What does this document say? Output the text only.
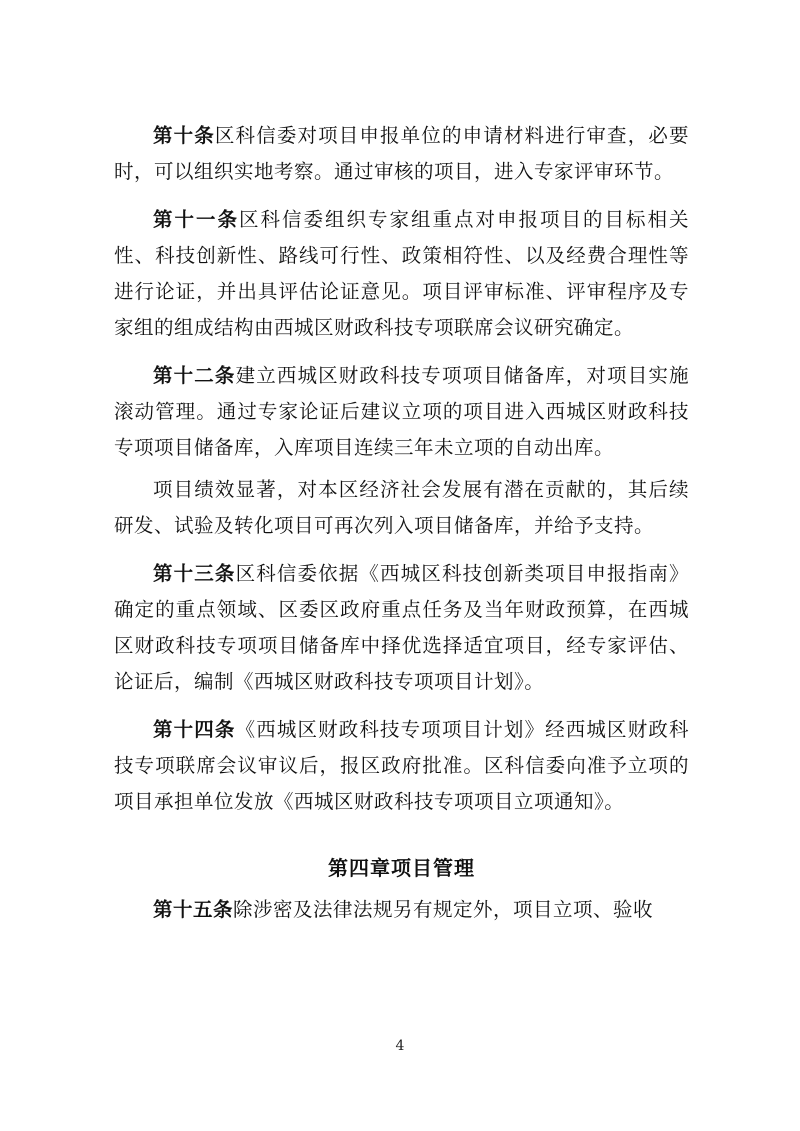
第十条区科信委对项目申报单位的申请材料进行审查，必要时，可以组织实地考察。通过审核的项目，进入专家评审环节。

第十一条区科信委组织专家组重点对申报项目的目标相关性、科技创新性、路线可行性、政策相符性、以及经费合理性等进行论证，并出具评估论证意见。项目评审标准、评审程序及专家组的组成结构由西城区财政科技专项联席会议研究确定。

第十二条建立西城区财政科技专项项目储备库，对项目实施滚动管理。通过专家论证后建议立项的项目进入西城区财政科技专项项目储备库，入库项目连续三年未立项的自动出库。

项目绩效显著，对本区经济社会发展有潜在贡献的，其后续研发、试验及转化项目可再次列入项目储备库，并给予支持。

第十三条区科信委依据《西城区科技创新类项目申报指南》确定的重点领域、区委区政府重点任务及当年财政预算，在西城区财政科技专项项目储备库中择优选择适宜项目，经专家评估、论证后，编制《西城区财政科技专项项目计划》。

第十四条《西城区财政科技专项项目计划》经西城区财政科技专项联席会议审议后，报区政府批准。区科信委向准予立项的项目承担单位发放《西城区财政科技专项项目立项通知》。

第四章项目管理

第十五条除涉密及法律法规另有规定外，项目立项、验收

4
